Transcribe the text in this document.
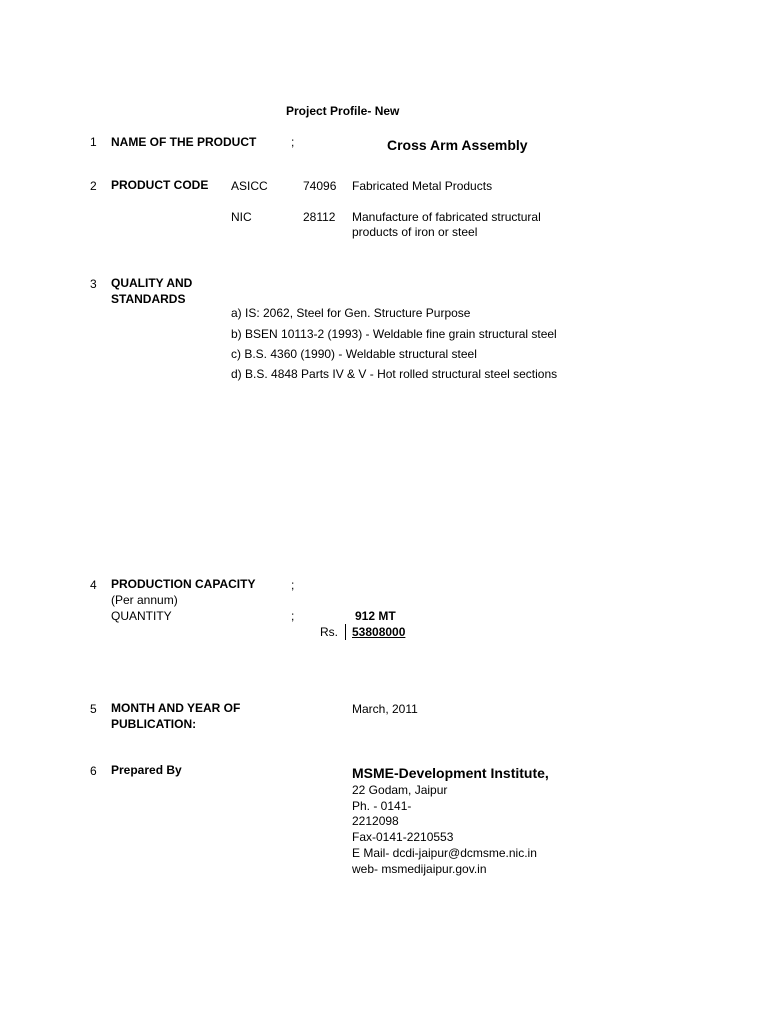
Project Profile- New
1 NAME OF THE PRODUCT	;	Cross Arm Assembly
2 PRODUCT CODE ASICC	74096 Fabricated Metal Products
NIC	28112 Manufacture of fabricated structural
products of iron or steel
3 QUALITY AND
STANDARDS
a) IS: 2062, Steel for Gen. Structure Purpose
b) BSEN 10113-2 (1993) - Weldable fine grain structural steel
c) B.S. 4360 (1990) - Weldable structural steel
d) B.S. 4848 Parts IV & V - Hot rolled structural steel sections
4 PRODUCTION CAPACITY	;
(Per annum)
QUANTITY	;	912 MT
Rs. 53808000
5 MONTH AND YEAR OF
PUBLICATION:
March, 2011
6 Prepared By	MSME-Development Institute,
22 Godam, Jaipur
Ph. - 0141-
2212098
Fax-0141-2210553
E Mail- dcdi-jaipur@dcmsme.nic.in
web- msmedijaipur.gov.in
